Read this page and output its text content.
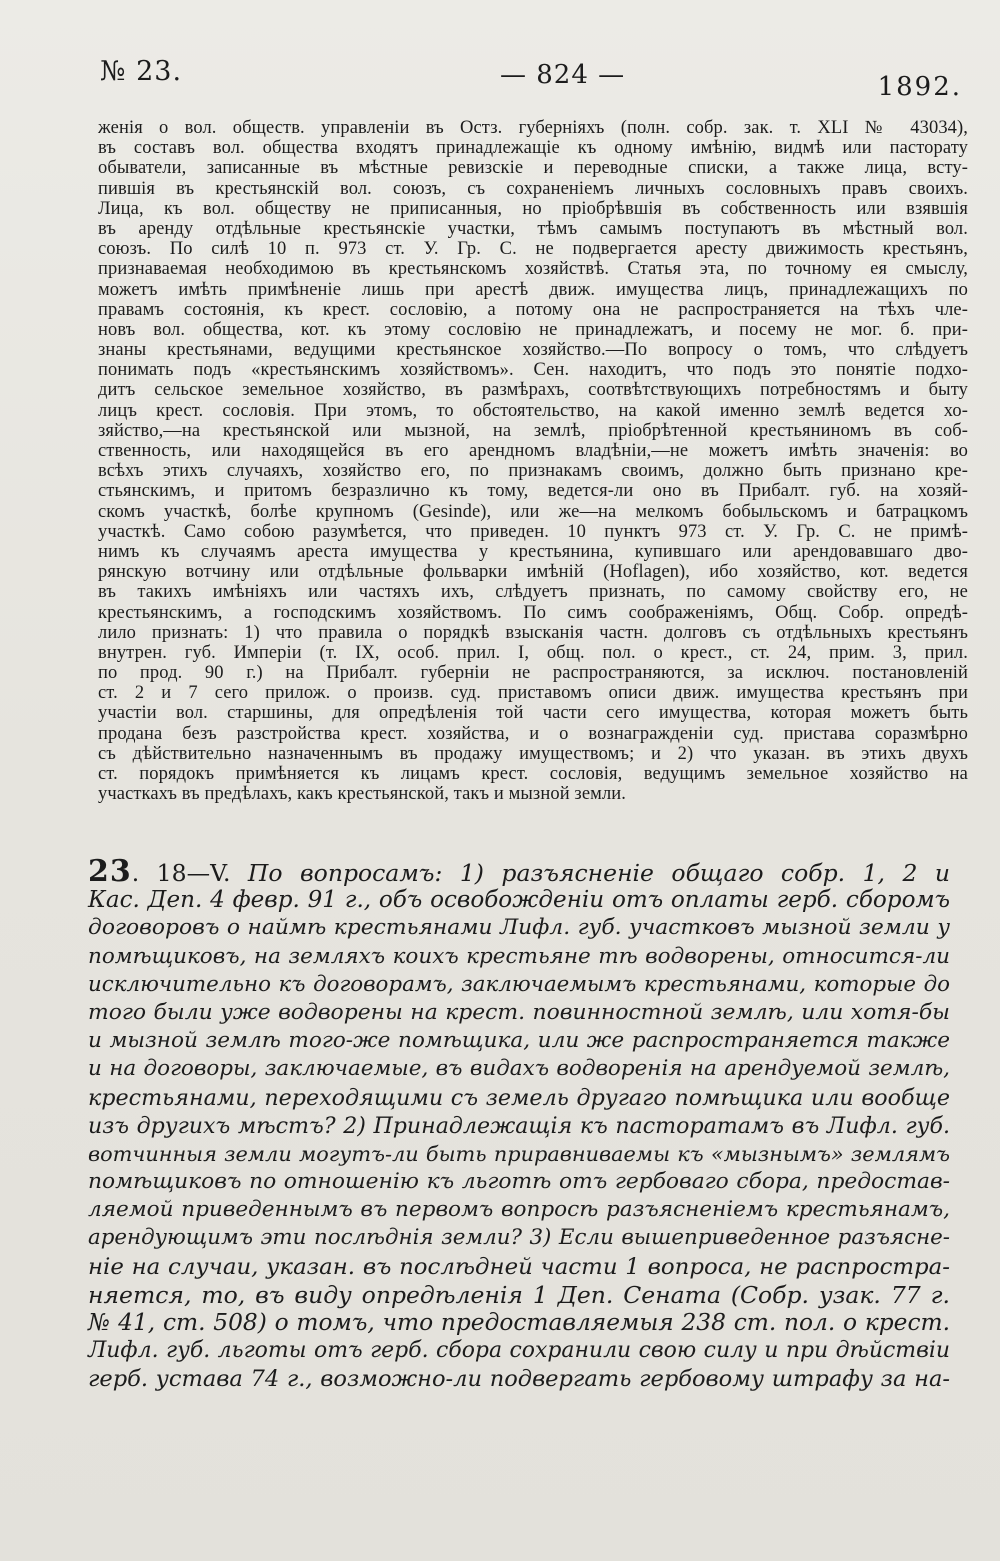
№ 23.	— 824 —	1892.
женія о вол. обществ. управленіи въ Остз. губерніяхъ (полн. собр. зак. т. XLI № 43034),
въ составъ вол. общества входятъ принадлежащіе къ одному имѣнію, видмѣ или пасторату
обыватели, записанные въ мѣстные ревизскіе и переводные списки, а также лица, всту-
пившія въ крестьянскій вол. союзъ, съ сохраненіемъ личныхъ сословныхъ правъ своихъ.
Лица, къ вол. обществу не приписанныя, но пріобрѣвшія въ собственность или взявшія
въ аренду отдѣльные крестьянскіе участки, тѣмъ самымъ поступаютъ въ мѣстный вол.
союзъ. По силѣ 10 п. 973 ст. У. Гр. С. не подвергается аресту движимость крестьянъ,
признаваемая необходимою въ крестьянскомъ хозяйствѣ. Статья эта, по точному ея смыслу,
можетъ имѣть примѣненіе лишь при арестѣ движ. имущества лицъ, принадлежащихъ по
правамъ состоянія, къ крест. сословію, а потому она не распространяется на тѣхъ чле-
новъ вол. общества, кот. къ этому сословію не принадлежатъ, и посему не мог. б. при-
знаны крестьянами, ведущими крестьянское хозяйство.—По вопросу о томъ, что слѣдуетъ
понимать подъ «крестьянскимъ хозяйствомъ». Сен. находитъ, что подъ это понятіе подхо-
дитъ сельское земельное хозяйство, въ размѣрахъ, соотвѣтствующихъ потребностямъ и быту
лицъ крест. сословія. При этомъ, то обстоятельство, на какой именно землѣ ведется хо-
зяйство,—на крестьянской или мызной, на землѣ, пріобрѣтенной крестьяниномъ въ соб-
ственность, или находящейся въ его арендномъ владѣніи,—не можетъ имѣть значенія: во
всѣхъ этихъ случаяхъ, хозяйство его, по признакамъ своимъ, должно быть признано кре-
стьянскимъ, и притомъ безразлично къ тому, ведется-ли оно въ Прибалт. губ. на хозяй-
скомъ участкѣ, болѣе крупномъ (Gesinde), или же—на мелкомъ бобыльскомъ и батрацкомъ
участкѣ. Само собою разумѣется, что приведен. 10 пунктъ 973 ст. У. Гр. С. не примѣ-
нимъ къ случаямъ ареста имущества у крестьянина, купившаго или арендовавшаго дво-
рянскую вотчину или отдѣльные фольварки имѣній (Hoflagen), ибо хозяйство, кот. ведется
въ такихъ имѣніяхъ или частяхъ ихъ, слѣдуетъ признать, по самому свойству его, не
крестьянскимъ, а господскимъ хозяйствомъ. По симъ соображеніямъ, Общ. Собр. опредѣ-
лило признать: 1) что правила о порядкѣ взысканія частн. долговъ съ отдѣльныхъ крестьянъ
внутрен. губ. Имперіи (т. IX, особ. прил. I, общ. пол. о крест., ст. 24, прим. 3, прил.
по прод. 90 г.) на Прибалт. губерніи не распространяются, за исключ. постановленій
ст. 2 и 7 сего прилож. о произв. суд. приставомъ описи движ. имущества крестьянъ при
участіи вол. старшины, для опредѣленія той части сего имущества, которая можетъ быть
продана безъ разстройства крест. хозяйства, и о вознагражденіи суд. пристава соразмѣрно
съ дѣйствительно назначеннымъ въ продажу имуществомъ; и 2) что указан. въ этихъ двухъ
ст. порядокъ примѣняется къ лицамъ крест. сословія, ведущимъ земельное хозяйство на
участкахъ въ предѣлахъ, какъ крестьянской, такъ и мызной земли.
23. 18—V. По вопросамъ: 1) разъясненіе общаго собр. 1, 2 и
Кас. Деп. 4 февр. 91 г., объ освобожденіи отъ оплаты герб. сборомъ
договоровъ о наймѣ крестьянами Лифл. губ. участковъ мызной земли у
помѣщиковъ, на земляхъ коихъ крестьяне тѣ водворены, относится-ли
исключительно къ договорамъ, заключаемымъ крестьянами, которые до
того были уже водворены на крест. повинностной землѣ, или хотя-бы
и мызной землѣ того-же помѣщика, или же распространяется также
и на договоры, заключаемые, въ видахъ водворенія на арендуемой землѣ,
крестьянами, переходящими съ земель другаго помѣщика или вообще
изъ другихъ мѣстъ? 2) Принадлежащія къ пасторатамъ въ Лифл. губ.
вотчинныя земли могутъ-ли быть приравниваемы къ «мызнымъ» землямъ
помѣщиковъ по отношенію къ льготѣ отъ гербоваго сбора, предостав-
ляемой приведеннымъ въ первомъ вопросѣ разъясненіемъ крестьянамъ,
арендующимъ эти послѣднія земли? 3) Если вышеприведенное разъясне-
ніе на случаи, указан. въ послѣдней части 1 вопроса, не распростра-
няется, то, въ виду опредѣленія 1 Деп. Сената (Собр. узак. 77 г.
№ 41, ст. 508) о томъ, что предоставляемыя 238 ст. пол. о крест.
Лифл. губ. льготы отъ герб. сбора сохранили свою силу и при дѣйствіи
герб. устава 74 г., возможно-ли подвергать гербовому штрафу за на-
